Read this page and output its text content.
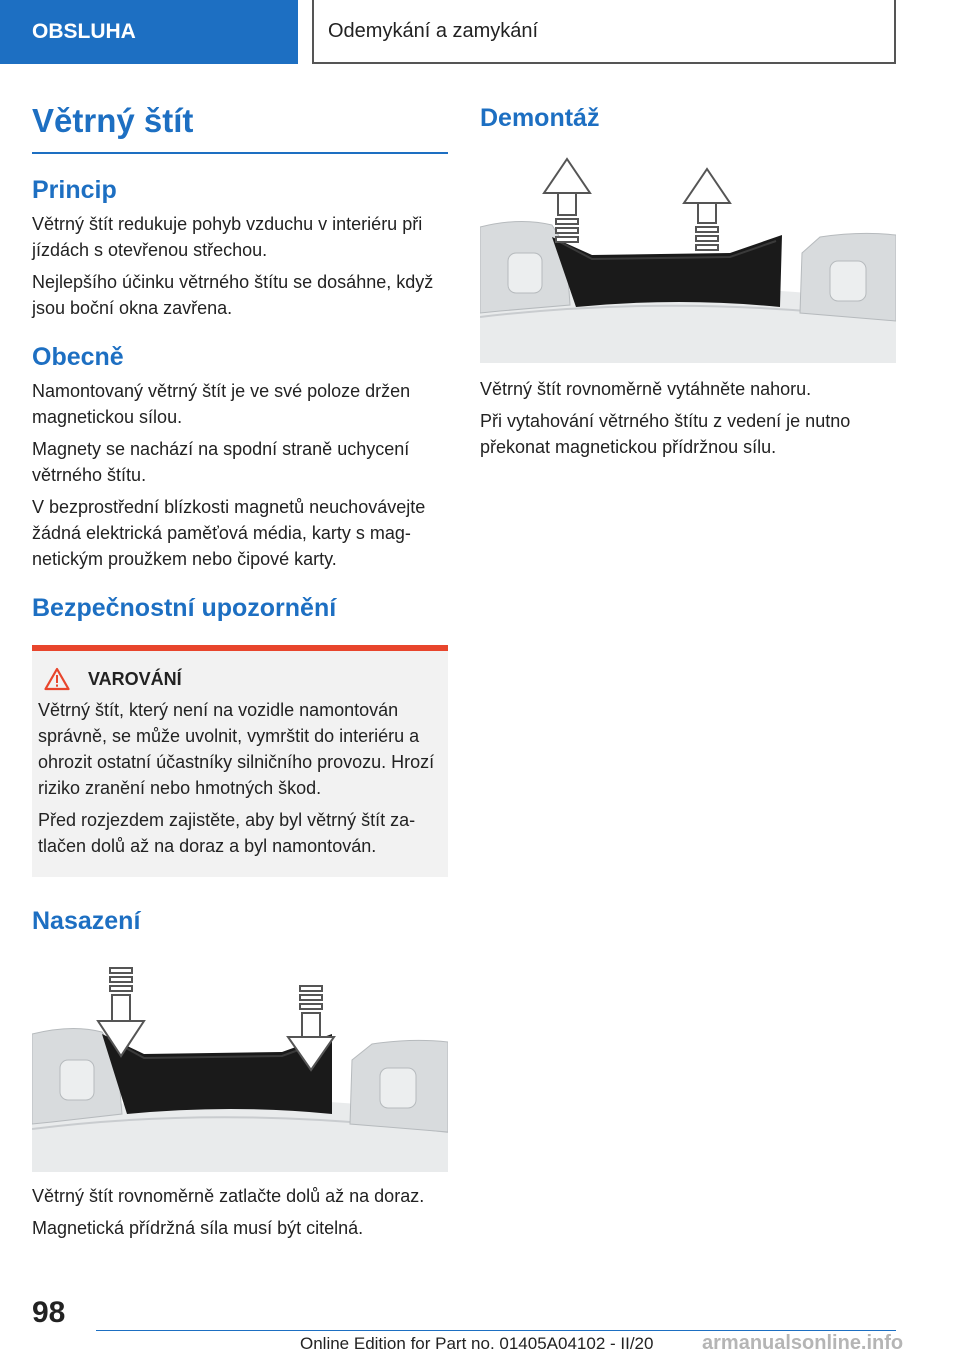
OBSLUHA	Odemykání a zamykání
Větrný štít
Princip

Větrný štít redukuje pohyb vzduchu v interiéru při jízdách s otevřenou střechou.

Nejlepšího účinku větrného štítu se dosáhne, když jsou boční okna zavřena.

Obecně

Namontovaný větrný štít je ve své poloze držen magnetickou sílou.

Magnety se nachází na spodní straně uchycení větrného štítu.

V bezprostřední blízkosti magnetů neuchovávejte žádná elektrická paměťová média, karty s magnetickým proužkem nebo čipové karty.

Bezpečnostní upozornění
VAROVÁNÍ

Větrný štít, který není na vozidle namontován správně, se může uvolnit, vymrštit do interiéru a ohrozit ostatní účastníky silničního provozu. Hrozí riziko zranění nebo hmotných škod.

Před rozjezdem zajistěte, aby byl větrný štít zatlačen dolů až na doraz a byl namontován.

Nasazení

Větrný štít rovnoměrně zatlačte dolů až na doraz.

Magnetická přídržná síla musí být citelná.

Demontáž

Větrný štít rovnoměrně vytáhněte nahoru.

Při vytahování větrného štítu z vedení je nutno překonat magnetickou přídržnou sílu.

98
Online Edition for Part no. 01405A04102 - II/20 armanualsonline.info
